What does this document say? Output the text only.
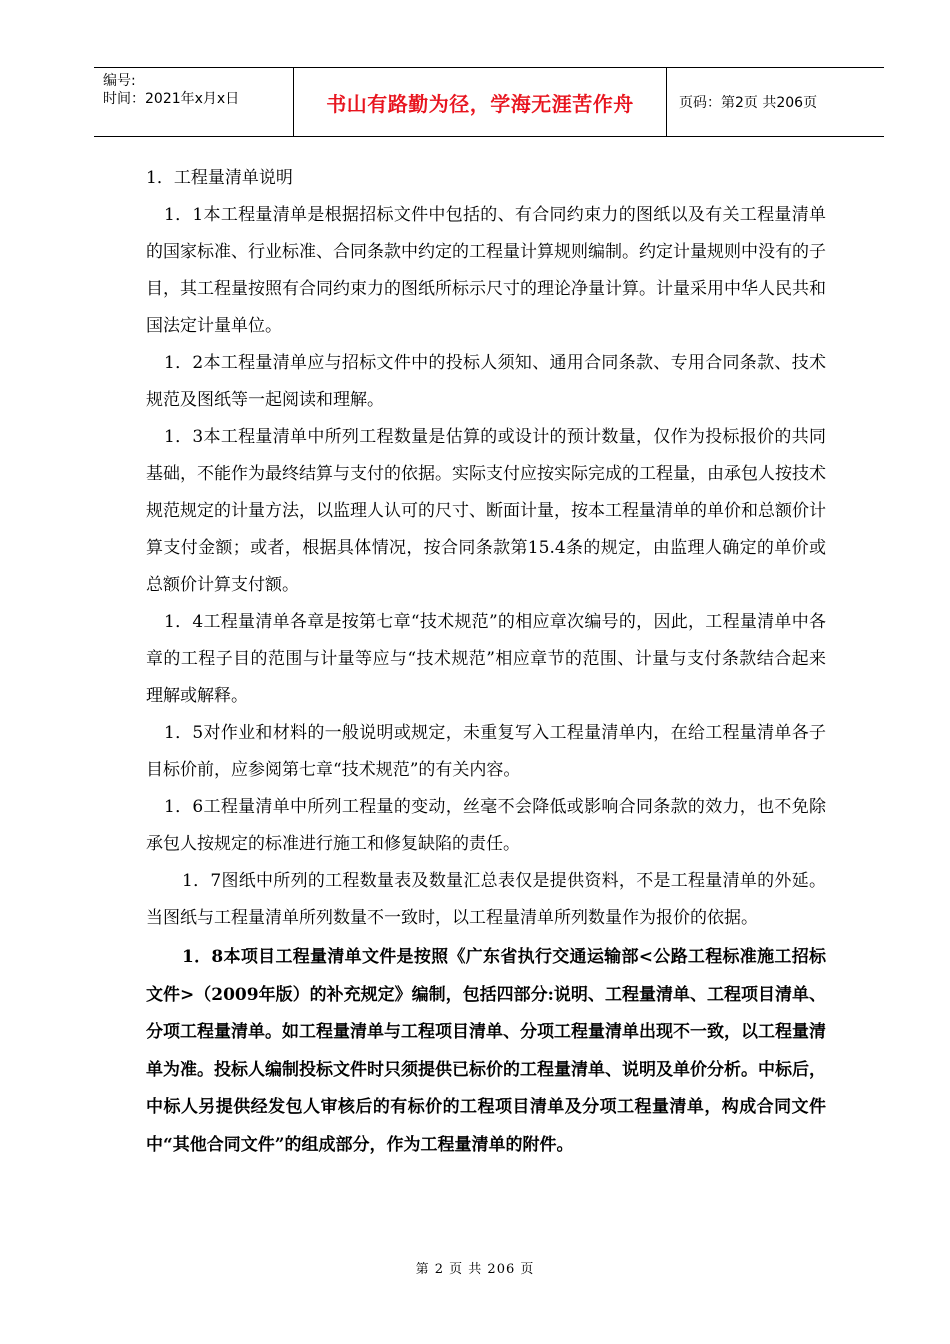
编号:
时间：2021年x月x日	书山有路勤为径，学海无涯苦作舟	页码：第2页 共206页

1．工程量清单说明

1．1本工程量清单是根据招标文件中包括的、有合同约束力的图纸以及有关工程量清单的国家标准、行业标准、合同条款中约定的工程量计算规则编制。约定计量规则中没有的子目，其工程量按照有合同约束力的图纸所标示尺寸的理论净量计算。计量采用中华人民共和国法定计量单位。

1．2本工程量清单应与招标文件中的投标人须知、通用合同条款、专用合同条款、技术规范及图纸等一起阅读和理解。

1．3本工程量清单中所列工程数量是估算的或设计的预计数量，仅作为投标报价的共同基础，不能作为最终结算与支付的依据。实际支付应按实际完成的工程量，由承包人按技术规范规定的计量方法，以监理人认可的尺寸、断面计量，按本工程量清单的单价和总额价计算支付金额；或者，根据具体情况，按合同条款第15.4条的规定，由监理人确定的单价或总额价计算支付额。

1．4工程量清单各章是按第七章“技术规范”的相应章次编号的，因此，工程量清单中各章的工程子目的范围与计量等应与“技术规范”相应章节的范围、计量与支付条款结合起来理解或解释。

1．5对作业和材料的一般说明或规定，未重复写入工程量清单内，在给工程量清单各子目标价前，应参阅第七章“技术规范”的有关内容。

1．6工程量清单中所列工程量的变动，丝毫不会降低或影响合同条款的效力，也不免除承包人按规定的标准进行施工和修复缺陷的责任。

1．7图纸中所列的工程数量表及数量汇总表仅是提供资料，不是工程量清单的外延。当图纸与工程量清单所列数量不一致时，以工程量清单所列数量作为报价的依据。

1．8本项目工程量清单文件是按照《广东省执行交通运输部<公路工程标准施工招标文件>（2009年版）的补充规定》编制，包括四部分:说明、工程量清单、工程项目清单、分项工程量清单。如工程量清单与工程项目清单、分项工程量清单出现不一致，以工程量清单为准。投标人编制投标文件时只须提供已标价的工程量清单、说明及单价分析。中标后，中标人另提供经发包人审核后的有标价的工程项目清单及分项工程量清单，构成合同文件中“其他合同文件”的组成部分，作为工程量清单的附件。

第 2 页 共 206 页
